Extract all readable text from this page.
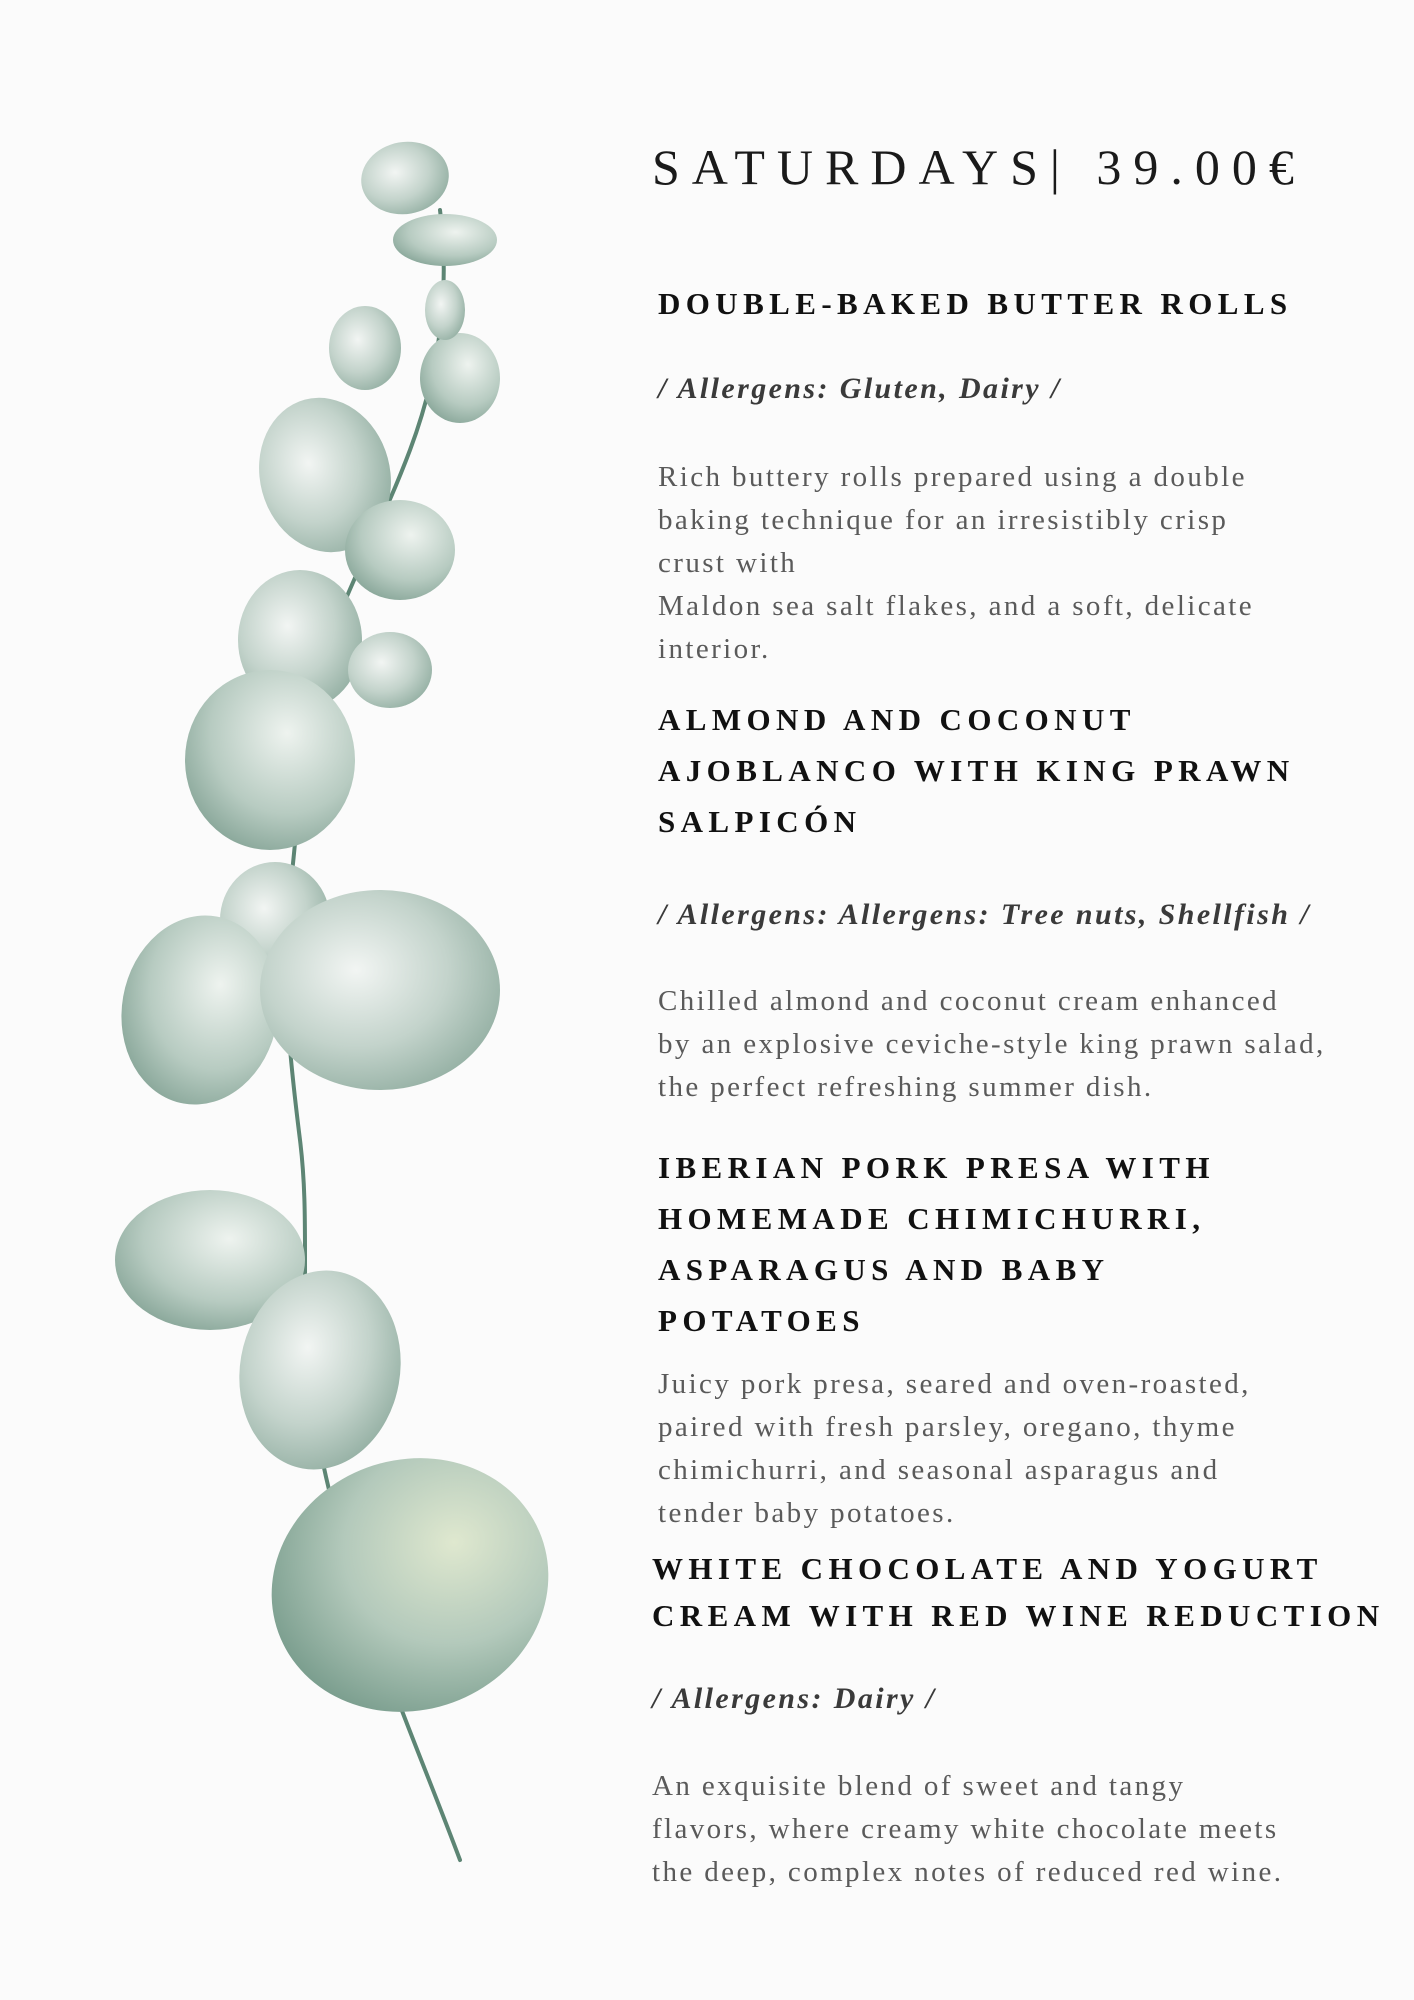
SATURDAYS| 39.00€
DOUBLE-BAKED BUTTER ROLLS

/ Allergens: Gluten, Dairy /

Rich buttery rolls prepared using a double
baking technique for an irresistibly crisp
crust with
Maldon sea salt flakes, and a soft, delicate
interior.

ALMOND AND COCONUT
AJOBLANCO WITH KING PRAWN
SALPICÓN

/ Allergens: Allergens: Tree nuts, Shellfish /

Chilled almond and coconut cream enhanced
by an explosive ceviche-style king prawn salad,
the perfect refreshing summer dish.

IBERIAN PORK PRESA WITH
HOMEMADE CHIMICHURRI,
ASPARAGUS AND BABY
POTATOES

Juicy pork presa, seared and oven-roasted,
paired with fresh parsley, oregano, thyme
chimichurri, and seasonal asparagus and
tender baby potatoes.

WHITE CHOCOLATE AND YOGURT
CREAM WITH RED WINE REDUCTION

/ Allergens: Dairy /

An exquisite blend of sweet and tangy
flavors, where creamy white chocolate meets
the deep, complex notes of reduced red wine.
